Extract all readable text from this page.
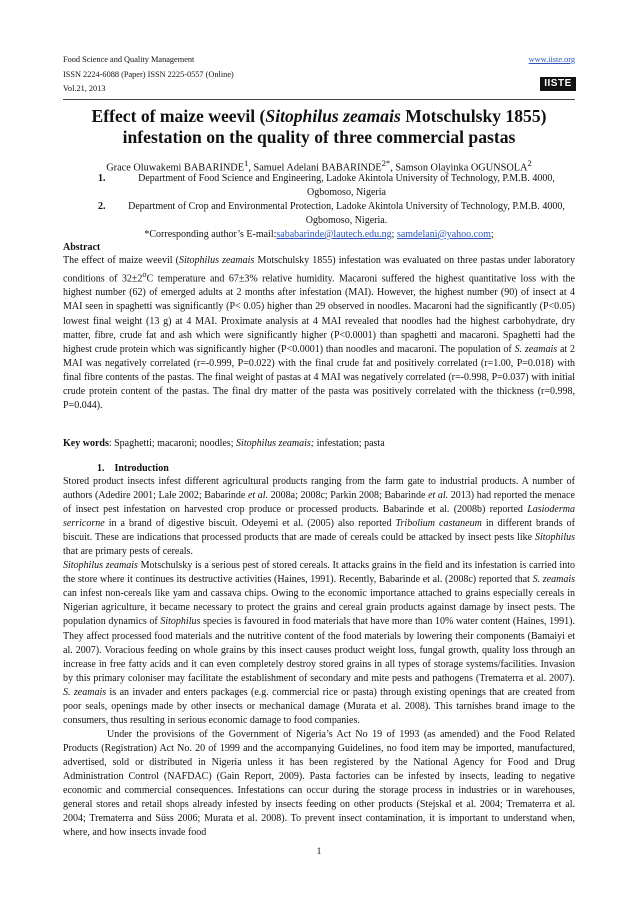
Food Science and Quality Management
ISSN 2224-6088 (Paper) ISSN 2225-0557 (Online)
Vol.21, 2013
www.iiste.org
IISTE
Effect of maize weevil (Sitophilus zeamais Motschulsky 1855) infestation on the quality of three commercial pastas
Grace Oluwakemi BABARINDE$^1$, Samuel Adelani $BABARINDE^{2*}$, Samson Olayinka OGUNSOLA$^2$
1.	Department of Food Science and Engineering, Ladoke Akintola University of Technology, P.M.B. 4000, Ogbomoso, Nigeria
2.	Department of Crop and Environmental Protection, Ladoke Akintola University of Technology, P.M.B. 4000, Ogbomoso, Nigeria.
*Corresponding author’s E-mail:sababarinde@lautech.edu.ng; samdelani@yahoo.com;
Abstract
The effect of maize weevil (Sitophilus zeamais Motschulsky 1855) infestation was evaluated on three pastas under laboratory conditions of $32\pm 2^oC$ temperature and 67±3% relative humidity. Macaroni suffered the highest quantitative loss with the highest number (62) of emerged adults at 2 months after infestation (MAI). However, the highest number (90) of insect at 4 MAI seen in spaghetti was significantly (P< 0.05) higher than 29 observed in noodles. Macaroni had the significantly (P<0.05) lowest final weight (13 g) at 4 MAI. Proximate analysis at 4 MAI revealed that noodles had the highest carbohydrate, dry matter, fibre, crude fat and ash which were significantly higher (P<0.0001) than spaghetti and macaroni. Spaghetti had the highest crude protein which was significantly higher (P<0.0001) than noodles and macaroni. The population of S. zeamais at 2 MAI was negatively correlated (r=-0.999, P=0.022) with the final crude fat and positively correlated (r=1.00, P=0.018) with final fibre contents of the pastas. The final weight of pastas at 4 MAI was negatively correlated (r=-0.998, P=0.037) with initial crude protein content of the pastas. The final dry matter of the pasta was positively correlated with the thickness (r=0.998, P=0.044).
Key words: Spaghetti; macaroni; noodles; Sitophilus zeamais; infestation; pasta
1.    Introduction

Stored product insects infest different agricultural products ranging from the farm gate to industrial products. A number of authors (Adedire 2001; Lale 2002; Babarinde et al. 2008a; 2008c; Parkin 2008; Babarinde et al. 2013) had reported the menace of insect pest infestation on harvested crop produce or processed products. Babarinde et al. (2008b) reported Lasioderma serricorne in a brand of digestive biscuit. Odeyemi et al. (2005) also reported Tribolium castaneum in different brands of biscuit. These are indications that processed products that are made of cereals could be attacked by insect pests like Sitophilus that are primary pests of cereals.

Sitophilus zeamais Motschulsky is a serious pest of stored cereals. It attacks grains in the field and its infestation is carried into the store where it continues its destructive activities (Haines, 1991). Recently, Babarinde et al. (2008c) reported that S. zeamais can infest non-cereals like yam and cassava chips. Owing to the economic importance attached to grains especially cereals in Nigerian agriculture, it became necessary to protect the grains and cereal grain products against damage by insect pests. The population dynamics of Sitophilus species is favoured in food materials that have more than 10% water content (Haines, 1991). They affect processed food materials and the nutritive content of the food materials by lowering their components (Bamaiyi et al. 2007). Voracious feeding on whole grains by this insect causes product weight loss, fungal growth, quality loss through an increase in free fatty acids and it can even completely destroy stored grains in all types of storage systems/facilities. Invasion by this primary coloniser may facilitate the establishment of secondary and mite pests and pathogens (Trematerra et al. 2007). S. zeamais is an invader and enters packages (e.g. commercial rice or pasta) through existing openings that are created from poor seals, openings made by other insects or mechanical damage (Murata et al. 2008). This tarnishes brand image to the consumers, thus resulting in serious economic damage to food companies.

Under the provisions of the Government of Nigeria’s Act No 19 of 1993 (as amended) and the Food Related Products (Registration) Act No. 20 of 1999 and the accompanying Guidelines, no food item may be imported, manufactured, advertised, sold or distributed in Nigeria unless it has been registered by the National Agency for Food and Drug Administration Control (NAFDAC) (Gain Report, 2009). Pasta factories can be infested by insects, leading to negative economic and commercial consequences. Infestations can occur during the storage process in industries or in warehouses, general stores and retail shops already infested by insects feeding on other products (Stejskal et al. 2004; Trematerra et al. 2004; Trematerra and Süss 2006; Murata et al. 2008). To prevent insect contamination, it is important to understand when, where, and how insects invade food

1
